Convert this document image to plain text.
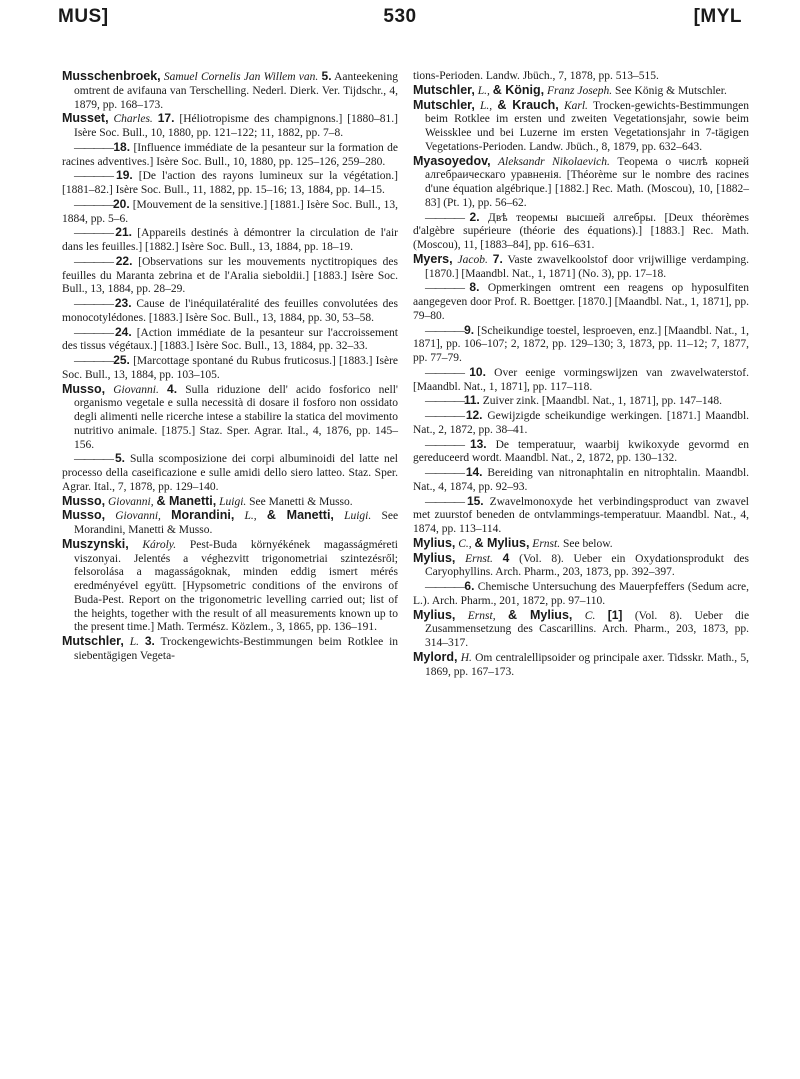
MUS]	530	[MYL

Musschenbroek, Samuel Cornelis Jan Willem van. 5. Aanteekening omtrent de avifauna van Terschelling. Nederl. Dierk. Ver. Tijdschr., 4, 1879, pp. 168–173.

Musset, Charles. 17. [Héliotropisme des champignons.] [1880–81.] Isère Soc. Bull., 10, 1880, pp. 121–122; 11, 1882, pp. 7–8.

———— 18. [Influence immédiate de la pesanteur sur la formation de racines adventives.] Isère Soc. Bull., 10, 1880, pp. 125–126, 259–280.

———— 19. [De l'action des rayons lumineux sur la végétation.] [1881–82.] Isère Soc. Bull., 11, 1882, pp. 15–16; 13, 1884, pp. 14–15.

———— 20. [Mouvement de la sensitive.] [1881.] Isère Soc. Bull., 13, 1884, pp. 5–6.

———— 21. [Appareils destinés à démontrer la circulation de l'air dans les feuilles.] [1882.] Isère Soc. Bull., 13, 1884, pp. 18–19.

———— 22. [Observations sur les mouvements nyctitropiques des feuilles du Maranta zebrina et de l'Aralia sieboldii.] [1883.] Isère Soc. Bull., 13, 1884, pp. 28–29.

———— 23. Cause de l'inéquilatéralité des feuilles convolutées des monocotylédones. [1883.] Isère Soc. Bull., 13, 1884, pp. 30, 53–58.

———— 24. [Action immédiate de la pesanteur sur l'accroissement des tissus végétaux.] [1883.] Isère Soc. Bull., 13, 1884, pp. 32–33.

———— 25. [Marcottage spontané du Rubus fruticosus.] [1883.] Isère Soc. Bull., 13, 1884, pp. 103–105.

Musso, Giovanni. 4. Sulla riduzione dell' acido fosforico nell' organismo vegetale e sulla necessità di dosare il fosforo non ossidato degli alimenti nelle ricerche intese a stabilire la statica del movimento nutritivo animale. [1875.] Staz. Sper. Agrar. Ital., 4, 1876, pp. 145–156.

———— 5. Sulla scomposizione dei corpi albuminoidi del latte nel processo della caseificazione e sulle amidi dello siero latteo. Staz. Sper. Agrar. Ital., 7, 1878, pp. 129–140.

Musso, Giovanni, & Manetti, Luigi. See Manetti & Musso.

Musso, Giovanni, Morandini, L., & Manetti, Luigi. See Morandini, Manetti & Musso.

Muszynski, Károly. Pest-Buda környékének magasságméreti viszonyai. Jelentés a véghezvitt trigonometriai szintezésről; felsorolása a magasságoknak, minden eddig ismert mérés eredményével együtt. [Hypsometric conditions of the environs of Buda-Pest. Report on the trigonometric levelling carried out; list of the heights, together with the result of all measurements known up to the present time.] Math. Termész. Közlem., 3, 1865, pp. 136–191.

Mutschler, L. 3. Trockengewichts-Bestimmungen beim Rotklee in siebentägigen Vegeta-

tions-Perioden. Landw. Jbüch., 7, 1878, pp. 513–515.

Mutschler, L., & König, Franz Joseph. See König & Mutschler.

Mutschler, L., & Krauch, Karl. Trocken-gewichts-Bestimmungen beim Rotklee im ersten und zweiten Vegetationsjahr, sowie beim Weissklee und bei Luzerne im ersten Vegetationsjahr in 7-tägigen Vegetations-Perioden. Landw. Jbüch., 8, 1879, pp. 632–643.

Myasoyedov, Aleksandr Nikolaevich. Теорема о числѣ корней алгебраическаго уравненія. [Théorème sur le nombre des racines d'une équation algébrique.] [1882.] Rec. Math. (Moscou), 10, [1882–83] (Pt. 1), pp. 56–62.

———— 2. Двѣ теоремы высшей алгебры. [Deux théorèmes d'algèbre supérieure (théorie des équations).] [1883.] Rec. Math. (Moscou), 11, [1883–84], pp. 616–631.

Myers, Jacob. 7. Vaste zwavelkoolstof door vrijwillige verdamping. [1870.] [Maandbl. Nat., 1, 1871] (No. 3), pp. 17–18.

———— 8. Opmerkingen omtrent een reagens op hyposulfiten aangegeven door Prof. R. Boettger. [1870.] [Maandbl. Nat., 1, 1871], pp. 79–80.

———— 9. [Scheikundige toestel, lesproeven, enz.] [Maandbl. Nat., 1, 1871], pp. 106–107; 2, 1872, pp. 129–130; 3, 1873, pp. 11–12; 7, 1877, pp. 77–79.

———— 10. Over eenige vormingswijzen van zwavelwaterstof. [Maandbl. Nat., 1, 1871], pp. 117–118.

———— 11. Zuiver zink. [Maandbl. Nat., 1, 1871], pp. 147–148.

———— 12. Gewijzigde scheikundige werkingen. [1871.] Maandbl. Nat., 2, 1872, pp. 38–41.

———— 13. De temperatuur, waarbij kwikoxyde gevormd en gereduceerd wordt. Maandbl. Nat., 2, 1872, pp. 130–132.

———— 14. Bereiding van nitronaphtalin en nitrophtalin. Maandbl. Nat., 4, 1874, pp. 92–93.

———— 15. Zwavelmonoxyde het verbindingsproduct van zwavel met zuurstof beneden de ontvlammings-temperatuur. Maandbl. Nat., 4, 1874, pp. 113–114.

Mylius, C., & Mylius, Ernst. See below.

Mylius, Ernst. 4 (Vol. 8). Ueber ein Oxydationsprodukt des Caryophyllins. Arch. Pharm., 203, 1873, pp. 392–397.

———— 6. Chemische Untersuchung des Mauerpfeffers (Sedum acre, L.). Arch. Pharm., 201, 1872, pp. 97–110.

Mylius, Ernst, & Mylius, C. [1] (Vol. 8). Ueber die Zusammensetzung des Cascarillins. Arch. Pharm., 203, 1873, pp. 314–317.

Mylord, H. Om centralellipsoider og principale axer. Tidsskr. Math., 5, 1869, pp. 167–173.
